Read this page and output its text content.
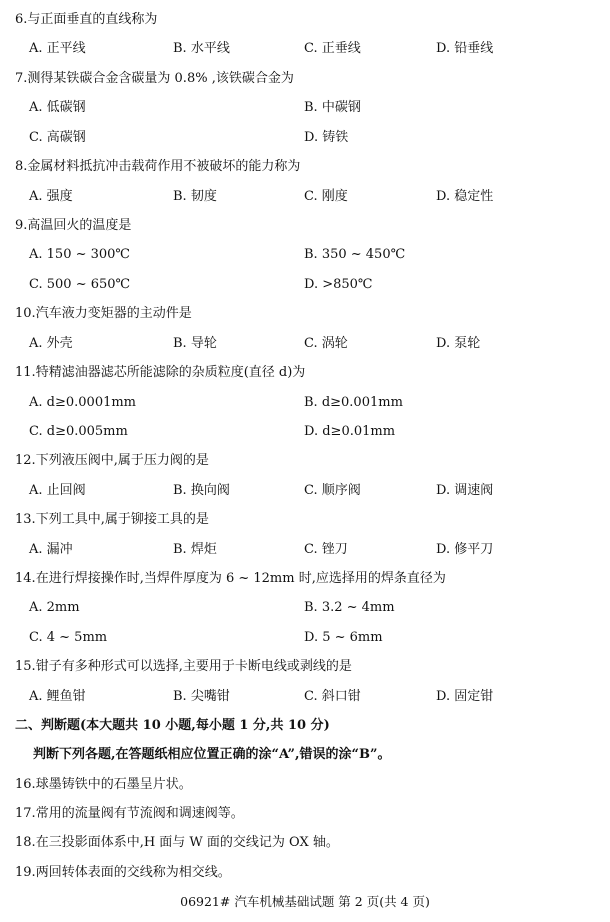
6.与正面垂直的直线称为
A. 正平线	B. 水平线	C. 正垂线	D. 铅垂线
7.测得某铁碳合金含碳量为 0.8% ,该铁碳合金为
A. 低碳钢	B. 中碳钢
C. 高碳钢	D. 铸铁
8.金属材料抵抗冲击载荷作用不被破坏的能力称为
A. 强度	B. 韧度	C. 刚度	D. 稳定性
9.高温回火的温度是
A. 150 ~ 300℃	B. 350 ~ 450℃
C. 500 ~ 650℃	D. >850℃
10.汽车液力变矩器的主动件是
A. 外壳	B. 导轮	C. 涡轮	D. 泵轮
11.特精滤油器滤芯所能滤除的杂质粒度(直径 d)为
A. d≥0.0001mm	B. d≥0.001mm
C. d≥0.005mm	D. d≥0.01mm
12.下列液压阀中,属于压力阀的是
A. 止回阀	B. 换向阀	C. 顺序阀	D. 调速阀
13.下列工具中,属于铆接工具的是
A. 漏冲	B. 焊炬	C. 锉刀	D. 修平刀
14.在进行焊接操作时,当焊件厚度为 6 ~ 12mm 时,应选择用的焊条直径为
A. 2mm	B. 3.2 ~ 4mm
C. 4 ~ 5mm	D. 5 ~ 6mm
15.钳子有多种形式可以选择,主要用于卡断电线或剥线的是
A. 鲤鱼钳	B. 尖嘴钳	C. 斜口钳	D. 固定钳
二、判断题(本大题共 10 小题,每小题 1 分,共 10 分)
判断下列各题,在答题纸相应位置正确的涂“A”,错误的涂“B”。
16.球墨铸铁中的石墨呈片状。
17.常用的流量阀有节流阀和调速阀等。
18.在三投影面体系中,H 面与 W 面的交线记为 OX 轴。
19.两回转体表面的交线称为相交线。
06921# 汽车机械基础试题 第 2 页(共 4 页)
